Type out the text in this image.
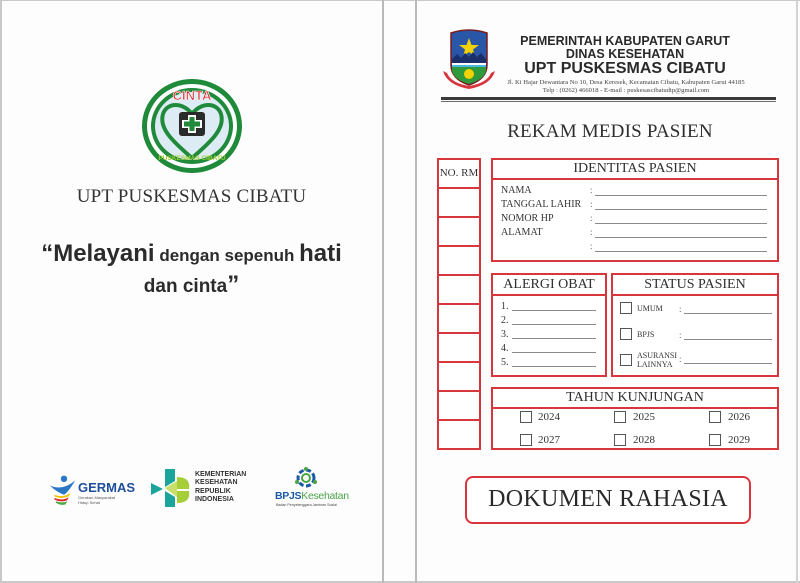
CINTA
PUSKESMAS CIBATU
UPT PUSKESMAS CIBATU
“Melayani dengan sepenuh hati
dan cinta”
GERMAS
Gerakan Masyarakat Hidup Sehat
KEMENTERIAN
KESEHATAN
REPUBLIK
INDONESIA	BPJSKesehatan
Badan Penyelenggara Jaminan Sosial
PEMERINTAH KABUPATEN GARUT
DINAS KESEHATAN
UPT PUSKESMAS CIBATU
Jl. Ki Hajar Dewantara No 10, Desa Keresek, Kecamatan Cibatu, Kabupaten Garut 44185
Telp : (0262) 466018 - E-mail : puskesascibatudtp@gmail.com
REKAM MEDIS PASIEN
NO. RM	IDENTITAS PASIEN
NAMA	:
TANGGAL LAHIR :
NOMOR HP	:
ALAMAT	:
:
ALERGI OBAT
1.
2.
3.
4.
5.
STATUS PASIEN
UMUM :
BPJS	:
ASURANSI
LAINNYA :
TAHUN KUNJUNGAN
2024	2025	2026
2027	2028	2029
DOKUMEN RAHASIA
